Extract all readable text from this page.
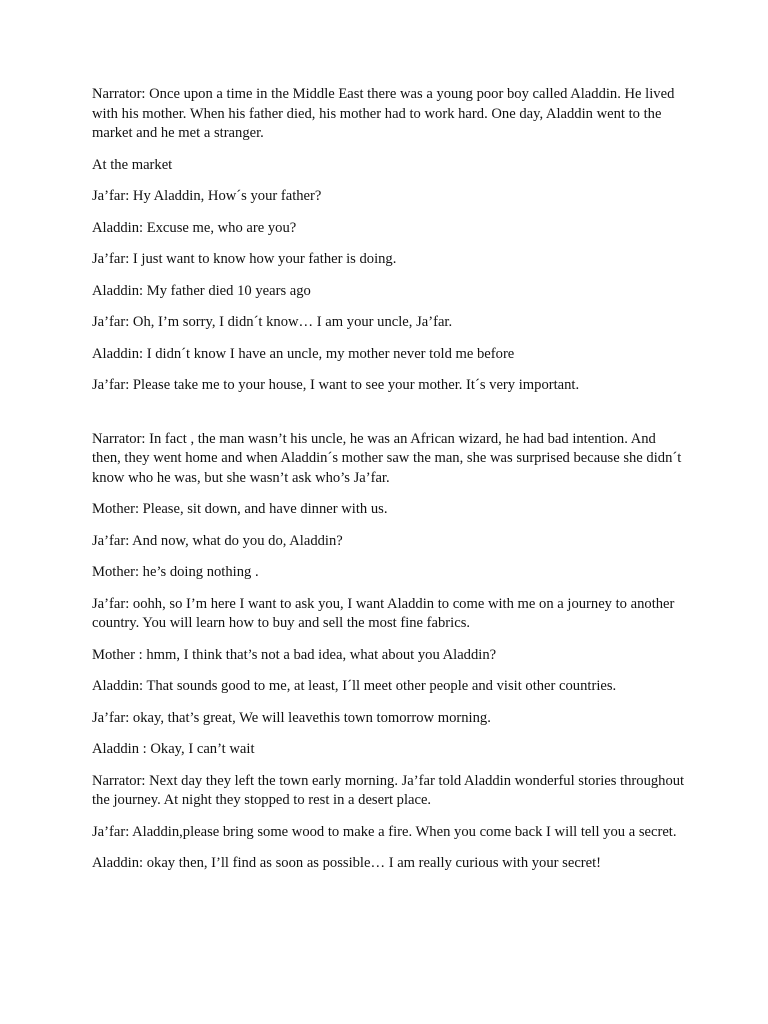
Narrator: Once upon a time in the Middle East there was a young poor boy called Aladdin. He lived with his mother. When his father died, his mother had to work hard. One day, Aladdin went to the market and he met a stranger.

At the market

Ja’far: Hy Aladdin, How´s your father?

Aladdin: Excuse me, who are you?

Ja’far: I just want to know how your father is doing.

Aladdin: My father died 10 years ago

Ja’far: Oh, I’m sorry, I didn´t know… I am your uncle, Ja’far.

Aladdin: I didn´t know I have an uncle, my mother never told me before

Ja’far: Please take me to your house, I want to see your mother. It´s very important.

Narrator: In fact , the man wasn’t his uncle, he was an African wizard, he had bad intention. And then, they went home and when Aladdin´s mother saw the man, she was surprised because she didn´t know who he was, but she wasn’t ask who’s Ja’far.

Mother: Please, sit down, and have dinner with us.

Ja’far: And now, what do you do, Aladdin?

Mother: he’s doing nothing .

Ja’far: oohh, so I’m here I want to ask you, I want Aladdin to come with me on a journey to another country. You will learn how to buy and sell the most fine fabrics.

Mother : hmm, I think that’s not a bad idea, what about you Aladdin?

Aladdin: That sounds good to me, at least, I´ll meet other people and visit other countries.

Ja’far: okay, that’s great, We will leavethis town tomorrow morning.

Aladdin : Okay, I can’t wait

Narrator: Next day they left the town early morning. Ja’far told Aladdin wonderful stories throughout the journey. At night they stopped to rest in a desert place.

Ja’far: Aladdin,please bring some wood to make a fire. When you come back I will tell you a secret.

Aladdin: okay then, I’ll find as soon as possible… I am really curious with your secret!
